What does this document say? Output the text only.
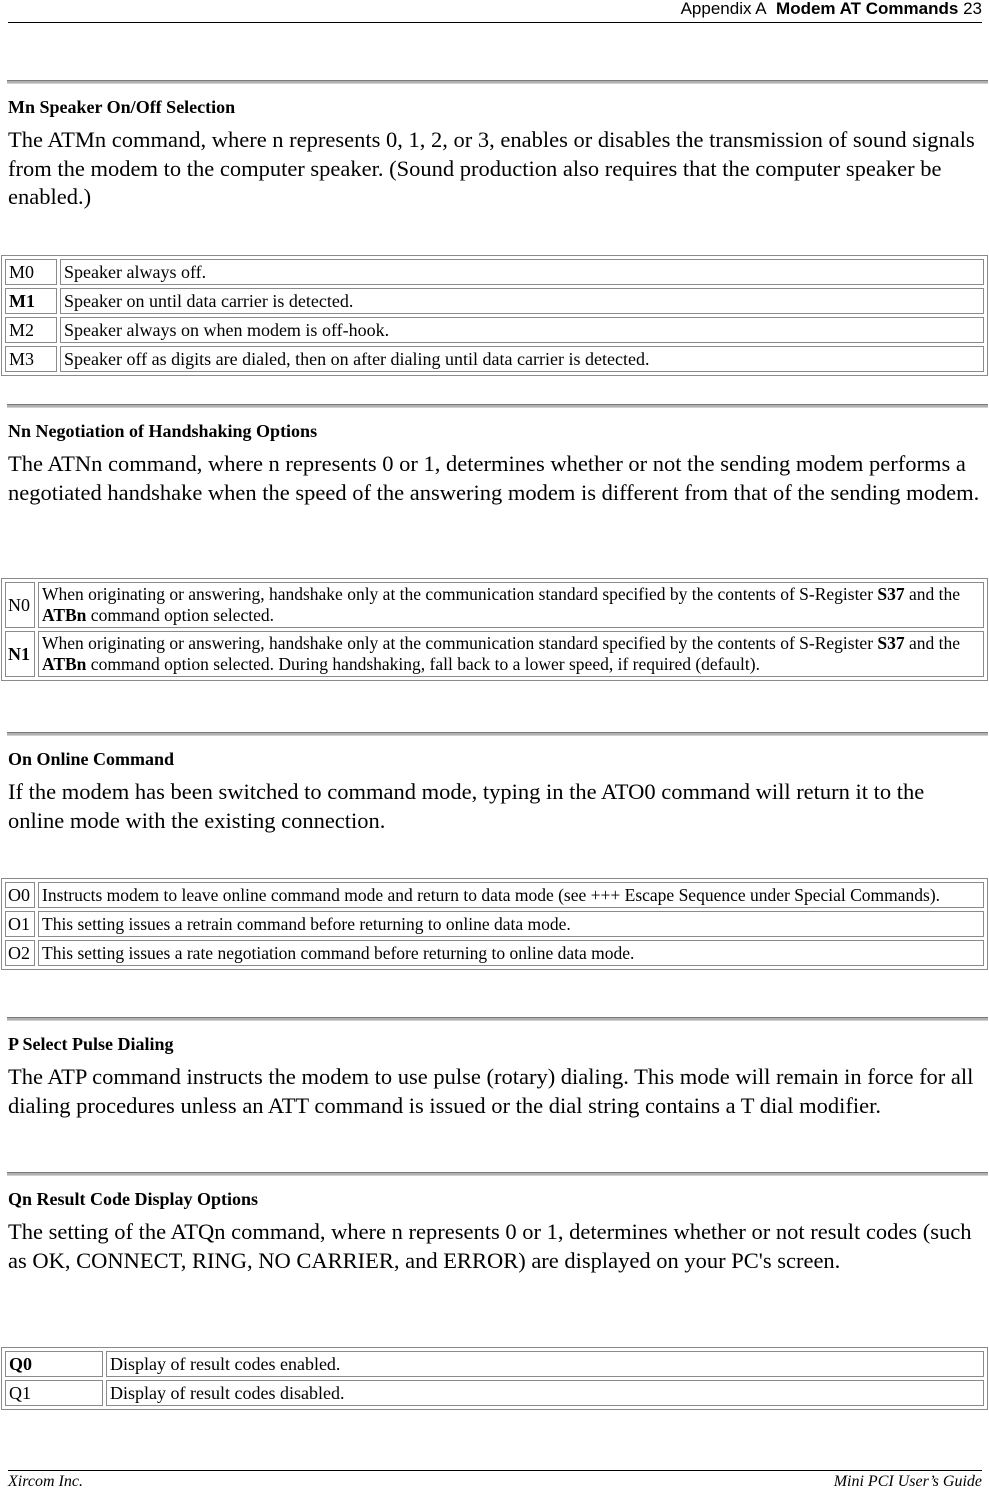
Appendix A Modem AT Commands 23
Mn Speaker On/Off Selection
The ATMn command, where n represents 0, 1, 2, or 3, enables or disables the transmission of sound signals from the modem to the computer speaker. (Sound production also requires that the computer speaker be enabled.)
M0	Speaker always off.
M1	Speaker on until data carrier is detected.
M2	Speaker always on when modem is off-hook.
M3	Speaker off as digits are dialed, then on after dialing until data carrier is detected.
Nn Negotiation of Handshaking Options
The ATNn command, where n represents 0 or 1, determines whether or not the sending modem performs a negotiated handshake when the speed of the answering modem is different from that of the sending modem.
N0	When originating or answering, handshake only at the communication standard specified by the contents of S-Register S37 and the ATBn command option selected.
N1	When originating or answering, handshake only at the communication standard specified by the contents of S-Register S37 and the ATBn command option selected. During handshaking, fall back to a lower speed, if required (default).
On Online Command
If the modem has been switched to command mode, typing in the ATO0 command will return it to the online mode with the existing connection.
O0	Instructs modem to leave online command mode and return to data mode (see +++ Escape Sequence under Special Commands).
O1	This setting issues a retrain command before returning to online data mode.
O2	This setting issues a rate negotiation command before returning to online data mode.
P Select Pulse Dialing
The ATP command instructs the modem to use pulse (rotary) dialing. This mode will remain in force for all dialing procedures unless an ATT command is issued or the dial string contains a T dial modifier.
Qn Result Code Display Options
The setting of the ATQn command, where n represents 0 or 1, determines whether or not result codes (such as OK, CONNECT, RING, NO CARRIER, and ERROR) are displayed on your PC's screen.
Q0	Display of result codes enabled.
Q1	Display of result codes disabled.
Xircom Inc.	Mini PCI User’s Guide
